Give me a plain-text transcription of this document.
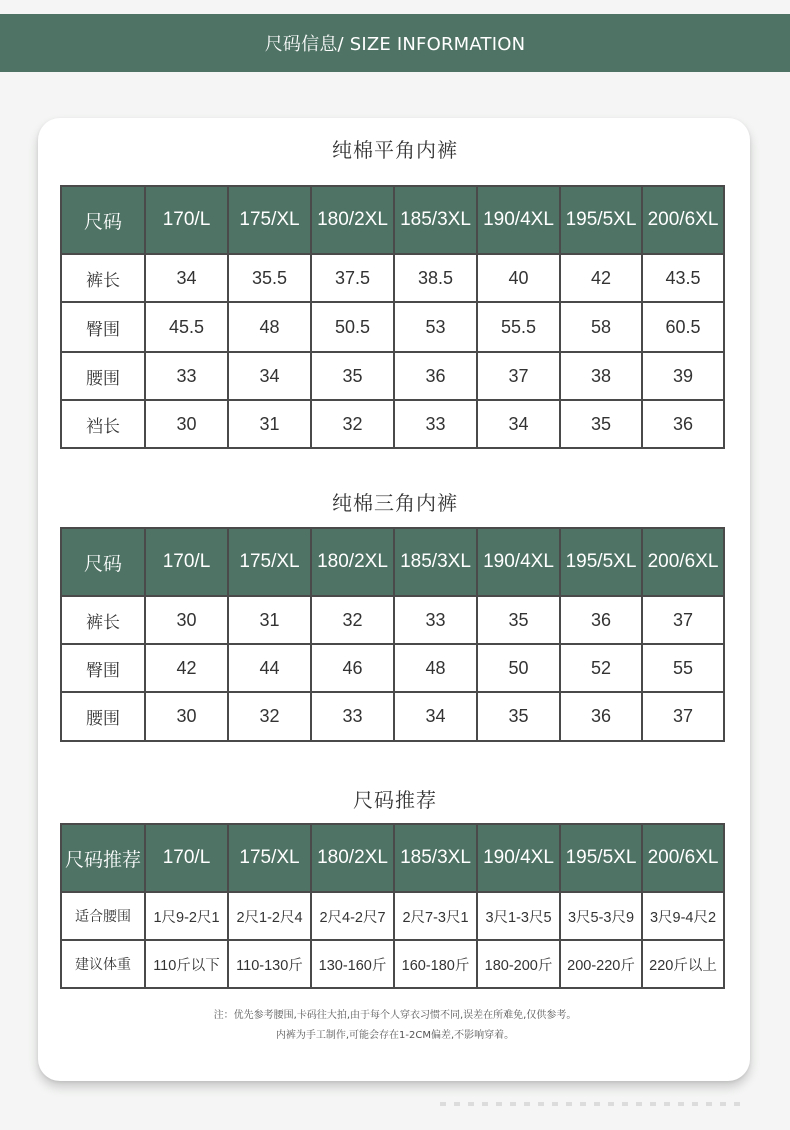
尺码信息/ SIZE INFORMATION
纯棉平角内裤
尺码	170/L	175/XL	180/2XL	185/3XL	190/4XL	195/5XL	200/6XL
裤长	34	35.5	37.5	38.5	40	42	43.5
臀围	45.5	48	50.5	53	55.5	58	60.5
腰围	33	34	35	36	37	38	39
裆长	30	31	32	33	34	35	36
纯棉三角内裤
尺码	170/L	175/XL	180/2XL	185/3XL	190/4XL	195/5XL	200/6XL
裤长	30	31	32	33	35	36	37
臀围	42	44	46	48	50	52	55
腰围	30	32	33	34	35	36	37
尺码推荐
尺码推荐	170/L	175/XL	180/2XL	185/3XL	190/4XL	195/5XL	200/6XL
适合腰围	1尺9-2尺1	2尺1-2尺4	2尺4-2尺7	2尺7-3尺1	3尺1-3尺5	3尺5-3尺9	3尺9-4尺2
建议体重	110斤以下	110-130斤	130-160斤	160-180斤	180-200斤	200-220斤	220斤以上
注：优先参考腰围,卡码往大拍,由于每个人穿衣习惯不同,误差在所难免,仅供参考。
内裤为手工制作,可能会存在1-2CM偏差,不影响穿着。
